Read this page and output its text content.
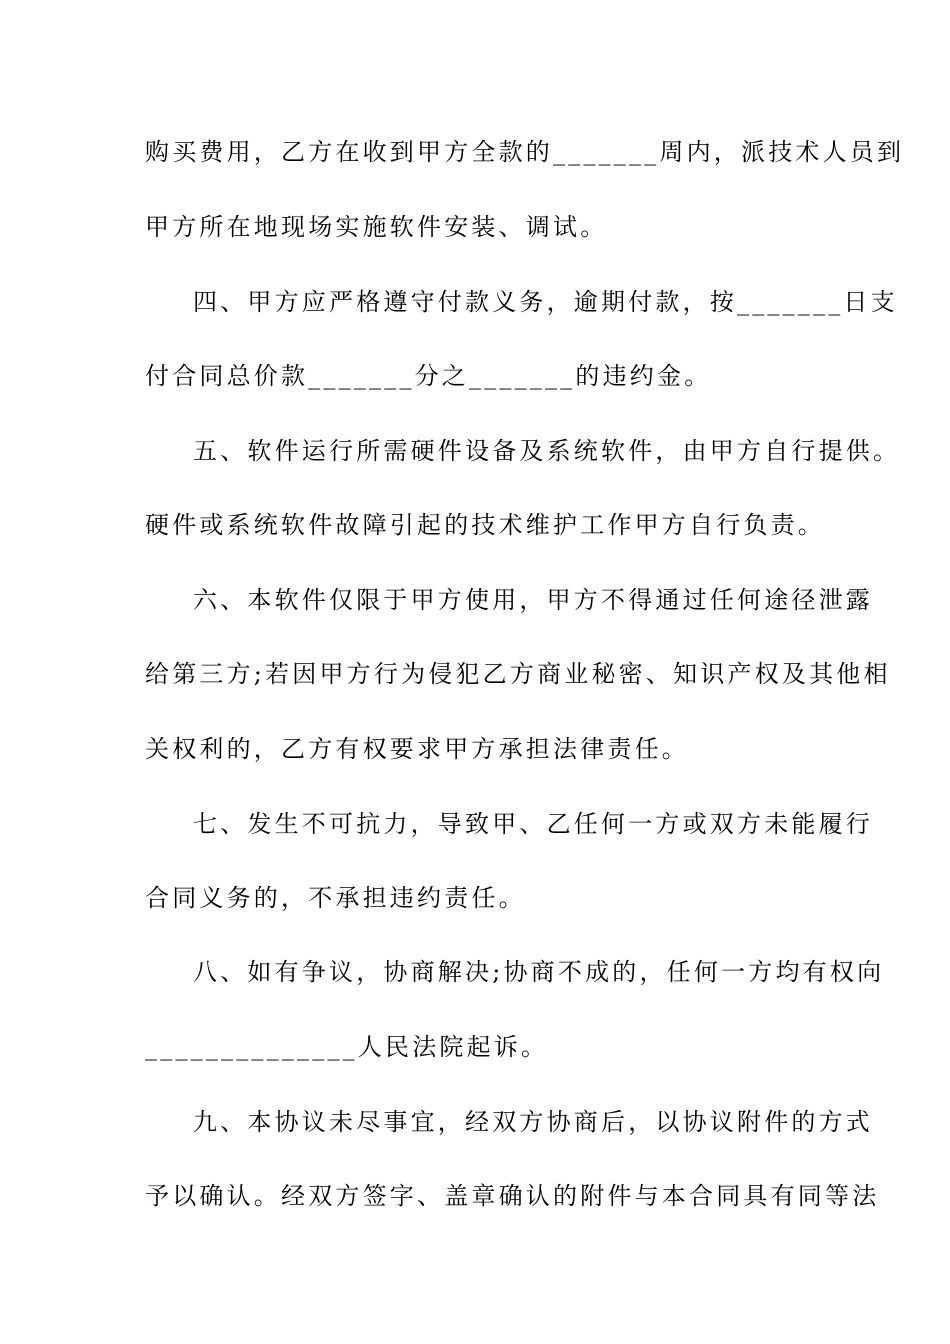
购买费用，乙方在收到甲方全款的_______周内，派技术人员到
甲方所在地现场实施软件安装、调试。
四、甲方应严格遵守付款义务，逾期付款，按_______日支
付合同总价款_______分之_______的违约金。
五、软件运行所需硬件设备及系统软件，由甲方自行提供。
硬件或系统软件故障引起的技术维护工作甲方自行负责。
六、本软件仅限于甲方使用，甲方不得通过任何途径泄露
给第三方;若因甲方行为侵犯乙方商业秘密、知识产权及其他相
关权利的，乙方有权要求甲方承担法律责任。
七、发生不可抗力，导致甲、乙任何一方或双方未能履行
合同义务的，不承担违约责任。
八、如有争议，协商解决;协商不成的，任何一方均有权向
______________人民法院起诉。
九、本协议未尽事宜，经双方协商后，以协议附件的方式
予以确认。经双方签字、盖章确认的附件与本合同具有同等法
